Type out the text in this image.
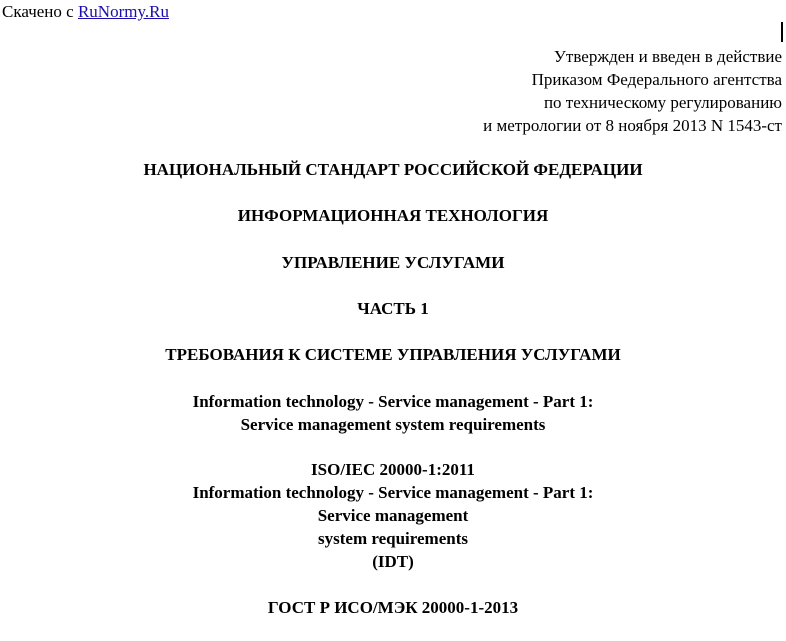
Скачено с RuNormy.Ru
Утвержден и введен в действие
Приказом Федерального агентства
по техническому регулированию
и метрологии от 8 ноября 2013 N 1543-ст
НАЦИОНАЛЬНЫЙ СТАНДАРТ РОССИЙСКОЙ ФЕДЕРАЦИИ
ИНФОРМАЦИОННАЯ ТЕХНОЛОГИЯ
УПРАВЛЕНИЕ УСЛУГАМИ
ЧАСТЬ 1
ТРЕБОВАНИЯ К СИСТЕМЕ УПРАВЛЕНИЯ УСЛУГАМИ
Information technology - Service management - Part 1:
Service management system requirements
ISO/IEC 20000-1:2011
Information technology - Service management - Part 1:
Service management
system requirements
(IDT)
ГОСТ Р ИСО/МЭК 20000-1-2013
